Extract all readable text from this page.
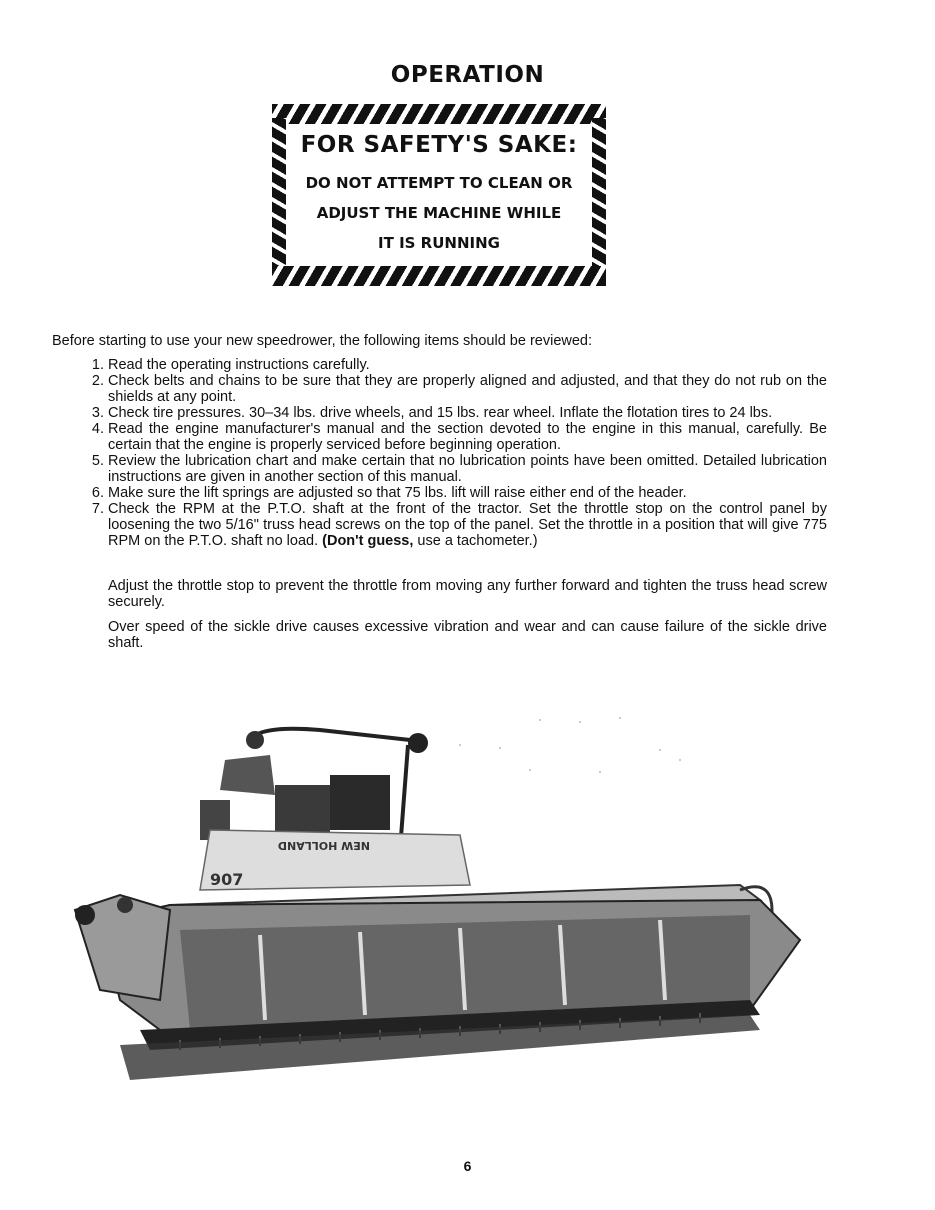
OPERATION
FOR SAFETY'S SAKE:
DO NOT ATTEMPT TO CLEAN OR
ADJUST THE MACHINE WHILE
IT IS RUNNING
Before starting to use your new speedrower, the following items should be reviewed:
1. Read the operating instructions carefully.
2. Check belts and chains to be sure that they are properly aligned and adjusted, and that they do not rub on the shields at any point.
3. Check tire pressures. 30–34 lbs. drive wheels, and 15 lbs. rear wheel. Inflate the flotation tires to 24 lbs.
4. Read the engine manufacturer's manual and the section devoted to the engine in this manual, carefully. Be certain that the engine is properly serviced before beginning operation.
5. Review the lubrication chart and make certain that no lubrication points have been omitted. Detailed lubrication instructions are given in another section of this manual.
6. Make sure the lift springs are adjusted so that 75 lbs. lift will raise either end of the header.
7. Check the RPM at the P.T.O. shaft at the front of the tractor. Set the throttle stop on the control panel by loosening the two 5/16" truss head screws on the top of the panel. Set the throttle in a position that will give 775 RPM on the P.T.O. shaft no load. (Don't guess, use a tachometer.)
Adjust the throttle stop to prevent the throttle from moving any further forward and tighten the truss head screw securely.
Over speed of the sickle drive causes excessive vibration and wear and can cause failure of the sickle drive shaft.
NEW HOLLAND
907
6
